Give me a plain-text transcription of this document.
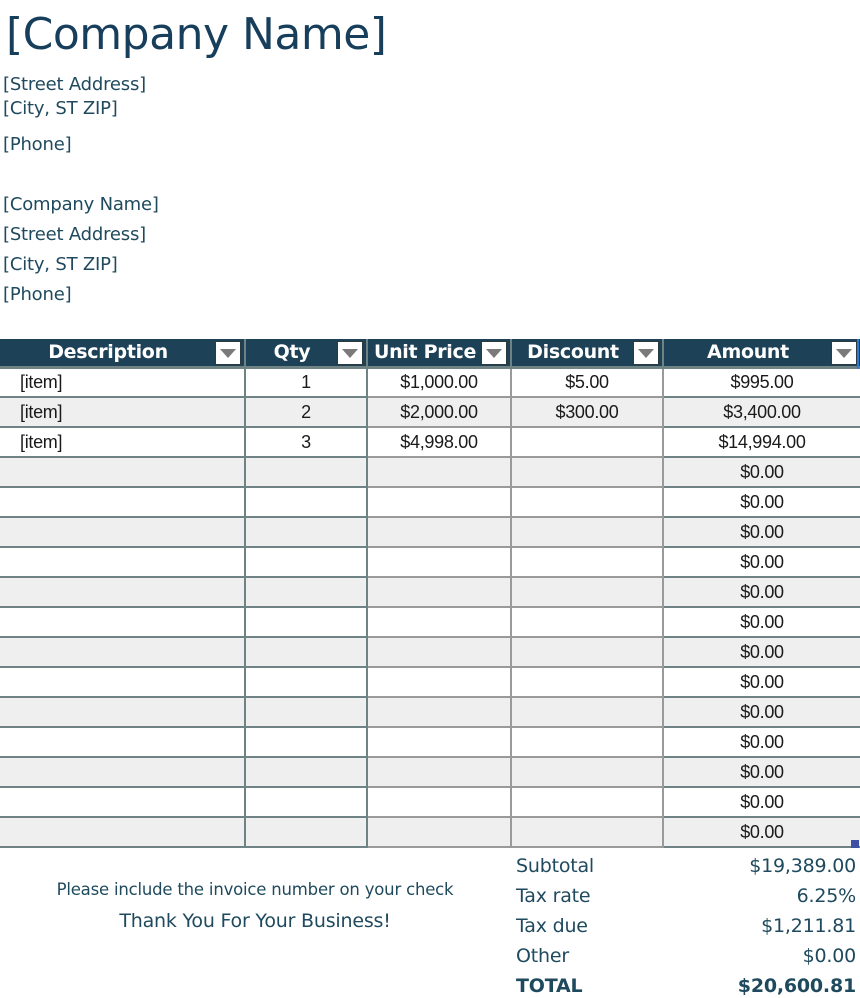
[Company Name]
[Street Address]
[City, ST ZIP]
[Phone]
[Company Name]
[Street Address]
[City, ST ZIP]
[Phone]
Description	Qty	Unit Price	Discount	Amount

[item]	1	$1,000.00	$5.00	$995.00
[item]	2	$2,000.00	$300.00	$3,400.00
[item]	3	$4,998.00		$14,994.00
				$0.00
				$0.00
				$0.00
				$0.00
				$0.00
				$0.00
				$0.00
				$0.00
				$0.00
				$0.00
				$0.00
				$0.00
				$0.00
Please include the invoice number on your check
Thank You For Your Business!
Subtotal	$19,389.00
Tax rate	6.25%
Tax due	$1,211.81
Other	$0.00
TOTAL	$20,600.81
